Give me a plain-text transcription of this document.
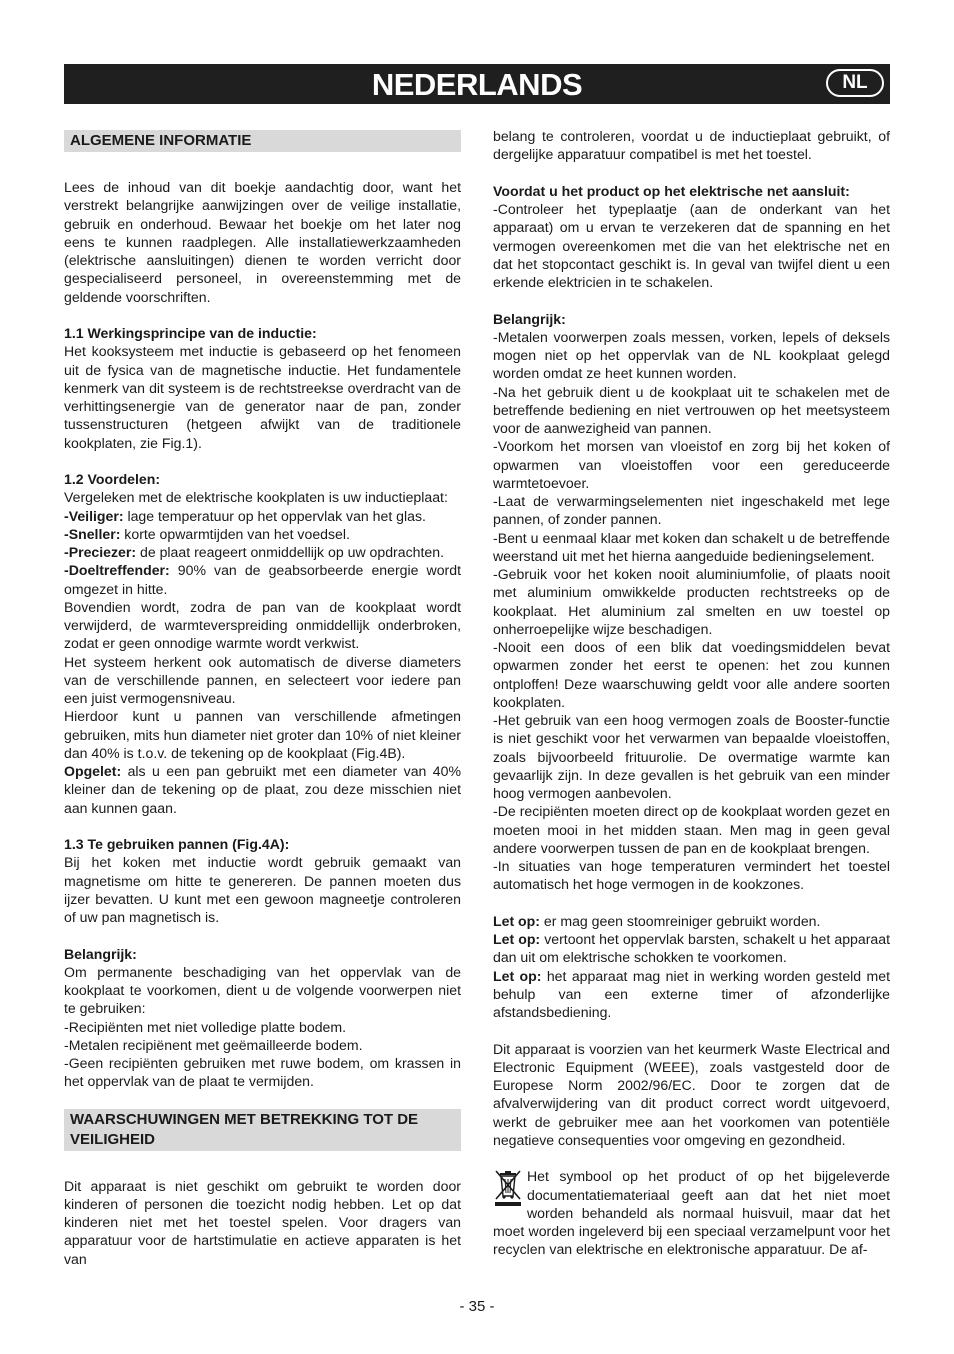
NEDERLANDS	NL
ALGEMENE INFORMATIE

Lees de inhoud van dit boekje aandachtig door, want het verstrekt belangrijke aanwijzingen over de veilige installatie, gebruik en onderhoud. Bewaar het boekje om het later nog eens te kunnen raadplegen. Alle installatiewerkzaamheden (elektrische aansluitingen) dienen te worden verricht door gespecialiseerd personeel, in overeenstemming met de geldende voorschriften.

1.1 Werkingsprincipe van de inductie:

Het kooksysteem met inductie is gebaseerd op het fenomeen uit de fysica van de magnetische inductie. Het fundamentele kenmerk van dit systeem is de rechtstreekse overdracht van de verhittingsenergie van de generator naar de pan, zonder tussenstructuren (hetgeen afwijkt van de traditionele kookplaten, zie Fig.1).

1.2 Voordelen:

Vergeleken met de elektrische kookplaten is uw inductieplaat:

-Veiliger: lage temperatuur op het oppervlak van het glas.

-Sneller: korte opwarmtijden van het voedsel.

-Preciezer: de plaat reageert onmiddellijk op uw opdrachten.

-Doeltreffender: 90% van de geabsorbeerde energie wordt omgezet in hitte.

Bovendien wordt, zodra de pan van de kookplaat wordt verwijderd, de warmteverspreiding onmiddellijk onderbroken, zodat er geen onnodige warmte wordt verkwist.

Het systeem herkent ook automatisch de diverse diameters van de verschillende pannen, en selecteert voor iedere pan een juist vermogensniveau.

Hierdoor kunt u pannen van verschillende afmetingen gebruiken, mits hun diameter niet groter dan 10% of niet kleiner dan 40% is t.o.v. de tekening op de kookplaat (Fig.4B).

Opgelet: als u een pan gebruikt met een diameter van 40% kleiner dan de tekening op de plaat, zou deze misschien niet aan kunnen gaan.

1.3 Te gebruiken pannen (Fig.4A):

Bij het koken met inductie wordt gebruik gemaakt van magnetisme om hitte te genereren. De pannen moeten dus ijzer bevatten. U kunt met een gewoon magneetje controleren of uw pan magnetisch is.

Belangrijk:

Om permanente beschadiging van het oppervlak van de kookplaat te voorkomen, dient u de volgende voorwerpen niet te gebruiken:

-Recipiënten met niet volledige platte bodem.

-Metalen recipiënent met geëmailleerde bodem.

-Geen recipiënten gebruiken met ruwe bodem, om krassen in het oppervlak van de plaat te vermijden.

WAARSCHUWINGEN MET BETREKKING TOT DE VEILIGHEID

Dit apparaat is niet geschikt om gebruikt te worden door kinderen of personen die toezicht nodig hebben. Let op dat kinderen niet met het toestel spelen. Voor dragers van apparatuur voor de hartstimulatie en actieve apparaten is het van

belang te controleren, voordat u de inductieplaat gebruikt, of dergelijke apparatuur compatibel is met het toestel.

Voordat u het product op het elektrische net aansluit:

-Controleer het typeplaatje (aan de onderkant van het apparaat) om u ervan te verzekeren dat de spanning en het vermogen overeenkomen met die van het elektrische net en dat het stopcontact geschikt is. In geval van twijfel dient u een erkende elektricien in te schakelen.

Belangrijk:

-Metalen voorwerpen zoals messen, vorken, lepels of deksels mogen niet op het oppervlak van de NL kookplaat gelegd worden omdat ze heet kunnen worden.

-Na het gebruik dient u de kookplaat uit te schakelen met de betreffende bediening en niet vertrouwen op het meetsysteem voor de aanwezigheid van pannen.

-Voorkom het morsen van vloeistof en zorg bij het koken of opwarmen van vloeistoffen voor een gereduceerde warmtetoevoer.

-Laat de verwarmingselementen niet ingeschakeld met lege pannen, of zonder pannen.

-Bent u eenmaal klaar met koken dan schakelt u de betreffende weerstand uit met het hierna aangeduide bedieningselement.

-Gebruik voor het koken nooit aluminiumfolie, of plaats nooit met aluminium omwikkelde producten rechtstreeks op de kookplaat. Het aluminium zal smelten en uw toestel op onherroepelijke wijze beschadigen.

-Nooit een doos of een blik dat voedingsmiddelen bevat opwarmen zonder het eerst te openen: het zou kunnen ontploffen! Deze waarschuwing geldt voor alle andere soorten kookplaten.

-Het gebruik van een hoog vermogen zoals de Booster-functie is niet geschikt voor het verwarmen van bepaalde vloeistoffen, zoals bijvoorbeeld frituurolie. De overmatige warmte kan gevaarlijk zijn. In deze gevallen is het gebruik van een minder hoog vermogen aanbevolen.

-De recipiënten moeten direct op de kookplaat worden gezet en moeten mooi in het midden staan. Men mag in geen geval andere voorwerpen tussen de pan en de kookplaat brengen.

-In situaties van hoge temperaturen vermindert het toestel automatisch het hoge vermogen in de kookzones.

Let op: er mag geen stoomreiniger gebruikt worden.

Let op: vertoont het oppervlak barsten, schakelt u het apparaat dan uit om elektrische schokken te voorkomen.

Let op: het apparaat mag niet in werking worden gesteld met behulp van een externe timer of afzonderlijke afstandsbediening.

Dit apparaat is voorzien van het keurmerk Waste Electrical and Electronic Equipment (WEEE), zoals vastgesteld door de Europese Norm 2002/96/EC. Door te zorgen dat de afvalverwijdering van dit product correct wordt uitgevoerd, werkt de gebruiker mee aan het voorkomen van potentiële negatieve consequenties voor omgeving en gezondheid.

Het symbool op het product of op het bijgeleverde documentatiemateriaal geeft aan dat het niet moet worden behandeld als normaal huisvuil, maar dat het moet worden ingeleverd bij een speciaal verzamelpunt voor het recyclen van elektrische en elektronische apparatuur. De af-

- 35 -
